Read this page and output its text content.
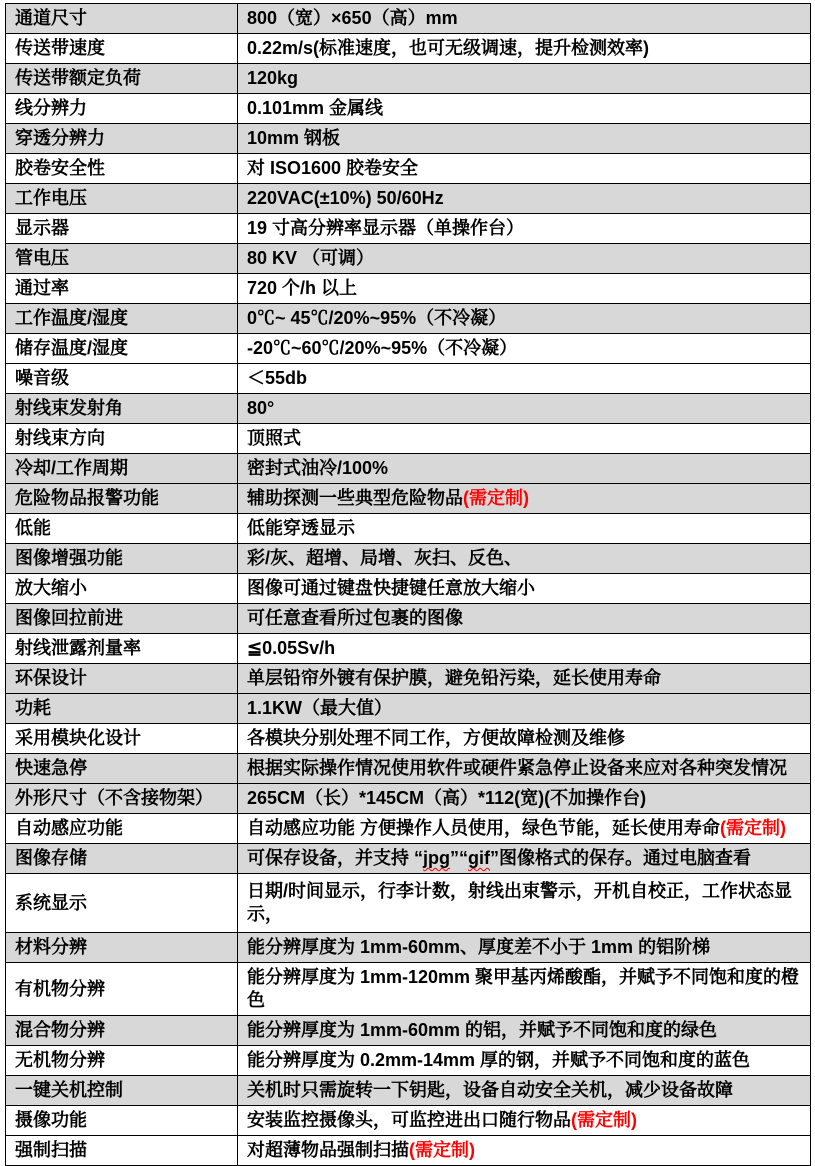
通道尺寸	800（宽）×650（高）mm
传送带速度	0.22m/s(标准速度，也可无级调速，提升检测效率)
传送带额定负荷	120kg
线分辨力	0.101mm 金属线
穿透分辨力	10mm 钢板
胶卷安全性	对 ISO1600 胶卷安全
工作电压	220VAC(±10%) 50/60Hz
显示器	19 寸高分辨率显示器（单操作台）
管电压	80 KV （可调）
通过率	720 个/h 以上
工作温度/湿度	0℃~ 45℃/20%~95%（不冷凝）
储存温度/湿度	-20℃~60℃/20%~95%（不冷凝）
噪音级	＜55db
射线束发射角	80°
射线束方向	顶照式
冷却/工作周期	密封式油冷/100%
危险物品报警功能	辅助探测一些典型危险物品(需定制)
低能	低能穿透显示
图像增强功能	彩/灰、超增、局增、灰扫、反色、
放大缩小	图像可通过键盘快捷键任意放大缩小
图像回拉前进	可任意查看所过包裹的图像
射线泄露剂量率	≦0.05Sv/h
环保设计	单层铅帘外镀有保护膜，避免铅污染，延长使用寿命
功耗	1.1KW（最大值）
采用模块化设计	各模块分别处理不同工作，方便故障检测及维修
快速急停	根据实际操作情况使用软件或硬件紧急停止设备来应对各种突发情况
外形尺寸（不含接物架）	265CM（长）*145CM（高）*112(宽)(不加操作台)
自动感应功能	自动感应功能 方便操作人员使用，绿色节能，延长使用寿命(需定制)
图像存储	可保存设备，并支持 “jpg”“gif”图像格式的保存。通过电脑查看
系统显示	日期/时间显示，行李计数，射线出束警示，开机自校正，工作状态显示，
材料分辨	能分辨厚度为 1mm-60mm、厚度差不小于 1mm 的铝阶梯
有机物分辨	能分辨厚度为 1mm-120mm 聚甲基丙烯酸酯，并赋予不同饱和度的橙色
混合物分辨	能分辨厚度为 1mm-60mm 的铝，并赋予不同饱和度的绿色
无机物分辨	能分辨厚度为 0.2mm-14mm 厚的钢，并赋予不同饱和度的蓝色
一键关机控制	关机时只需旋转一下钥匙，设备自动安全关机，减少设备故障
摄像功能	安装监控摄像头，可监控进出口随行物品(需定制)
强制扫描	对超薄物品强制扫描(需定制)
